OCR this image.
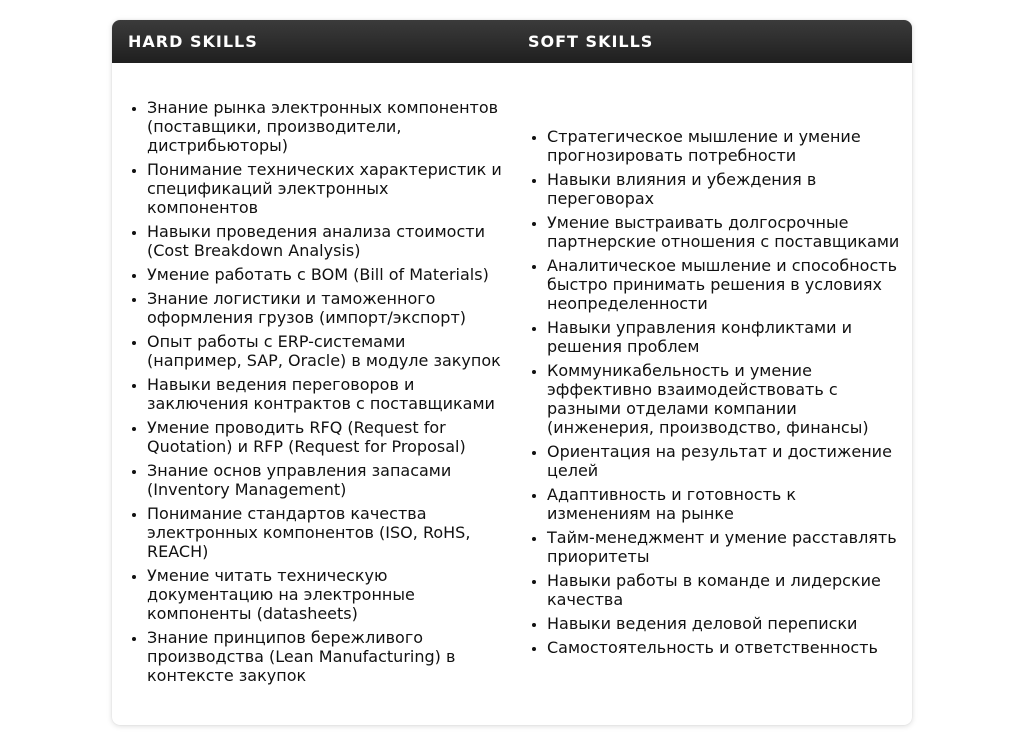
HARD SKILLS	SOFT SKILLS
• Знание рынка электронных компонентов (поставщики, производители, дистрибьюторы)
• Понимание технических характеристик и спецификаций электронных компонентов
• Навыки проведения анализа стоимости (Cost Breakdown Analysis)
• Умение работать с BOM (Bill of Materials)
• Знание логистики и таможенного оформления грузов (импорт/экспорт)
• Опыт работы с ERP-системами (например, SAP, Oracle) в модуле закупок
• Навыки ведения переговоров и заключения контрактов с поставщиками
• Умение проводить RFQ (Request for Quotation) и RFP (Request for Proposal)
• Знание основ управления запасами (Inventory Management)
• Понимание стандартов качества электронных компонентов (ISO, RoHS, REACH)
• Умение читать техническую документацию на электронные компоненты (datasheets)
• Знание принципов бережливого производства (Lean Manufacturing) в контексте закупок
• Стратегическое мышление и умение прогнозировать потребности
• Навыки влияния и убеждения в переговорах
• Умение выстраивать долгосрочные партнерские отношения с поставщиками
• Аналитическое мышление и способность быстро принимать решения в условиях неопределенности
• Навыки управления конфликтами и решения проблем
• Коммуникабельность и умение эффективно взаимодействовать с разными отделами компании (инженерия, производство, финансы)
• Ориентация на результат и достижение целей
• Адаптивность и готовность к изменениям на рынке
• Тайм-менеджмент и умение расставлять приоритеты
• Навыки работы в команде и лидерские качества
• Навыки ведения деловой переписки
• Самостоятельность и ответственность
